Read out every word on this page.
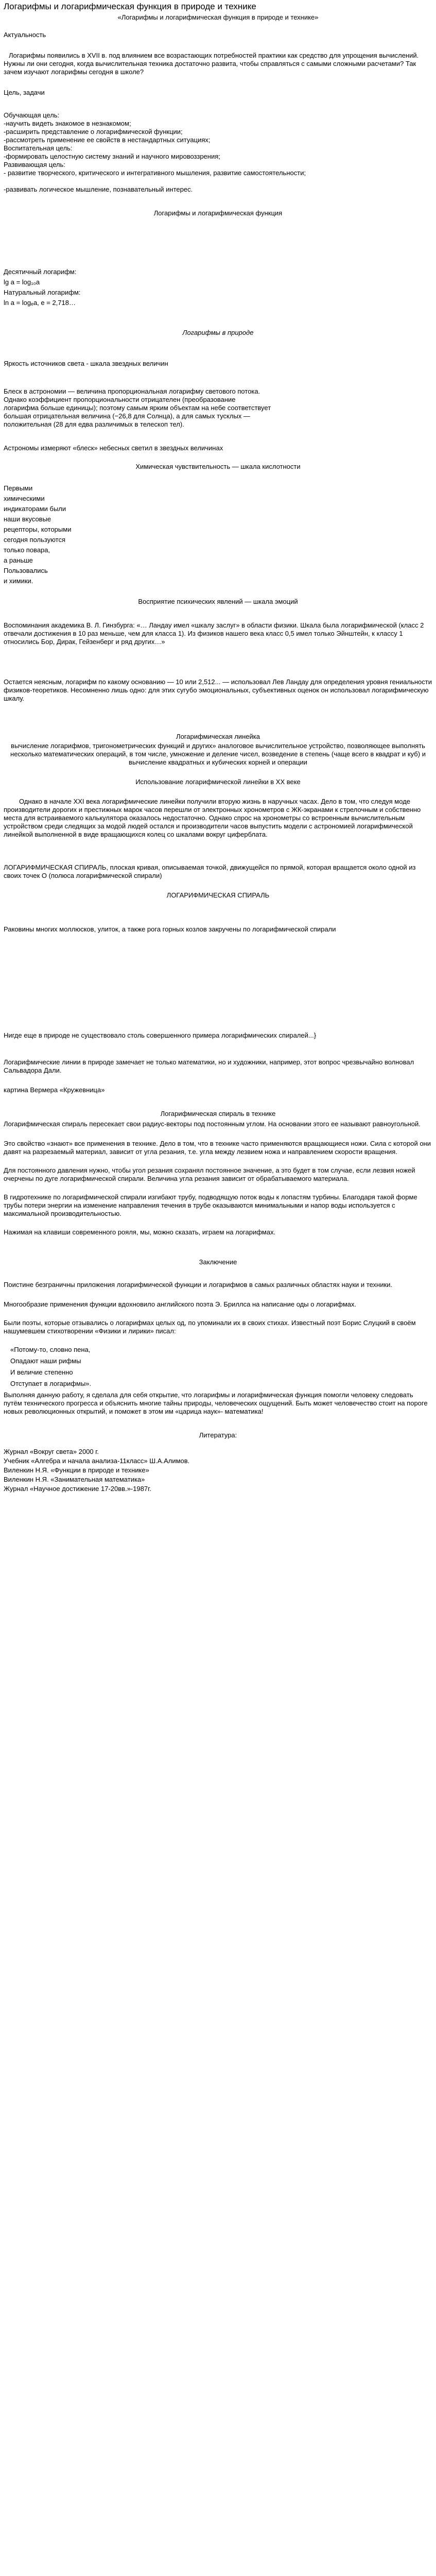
Логарифмы и логарифмическая функция в природе и технике
«Логарифмы и логарифмическая функция в природе и технике»
Актуальность
Логарифмы появились в XVII в. под влиянием все возрастающих потребностей практики как средство для упрощения вычислений. Нужны ли они сегодня, когда вычислительная техника достаточно развита, чтобы справляться с самыми сложными расчетами? Так зачем изучают логарифмы сегодня в школе?
Цель, задачи
Обучающая цель:
-научить видеть знакомое в незнакомом;
-расширить представление о логарифмической функции;
-рассмотреть применение ее свойств в нестандартных ситуациях;
Воспитательная цель:
-формировать целостную систему знаний и научного мировоззрения;
Развивающая цель:
- развитие творческого, критического и интегративного мышления, развитие самостоятельности;
-развивать логическое мышление, познавательный интерес.
Логарифмы и логарифмическая функция
Десятичный логарифм:
lg a = log₁₀a
Натуральный логарифм:
ln a = logₑa, e = 2,718…
Логарифмы в природе
Яркость источников света - шкала звездных величин
Блеск в астрономии — величина пропорциональная логарифму светового потока. Однако коэффициент пропорциональности отрицателен (преобразование логарифма больше единицы); поэтому самым ярким объектам на небе соответствует большая отрицательная величина (−26,8 для Солнца), а для самых тусклых — положительная (28 для едва различимых в телескоп тел).
Астрономы измеряют «блеск» небесных светил в звездных величинах
Химическая чувствительность — шкала кислотности
Первыми
химическими
индикаторами были
наши вкусовые
рецепторы, которыми
сегодня пользуются
только повара,
а раньше
Пользовались
и химики.
Восприятие психических явлений — шкала эмоций
Воспоминания академика В. Л. Гинзбурга: «… Ландау имел «шкалу заслуг» в области физики. Шкала была логарифмической (класс 2 отвечали достижения в 10 раз меньше, чем для класса 1). Из физиков нашего века класс 0,5 имел только Эйнштейн, к классу 1 относились Бор, Дирак, Гейзенберг и ряд других…»
Остается неясным, логарифм по какому основанию — 10 или 2,512... — использовал Лев Ландау для определения уровня гениальности физиков-теоретиков. Несомненно лишь одно: для этих сугубо эмоциональных, субъективных оценок он использовал логарифмическую шкалу.
Логарифмическая линейка
вычисление логарифмов, тригонометрических функций и других» аналоговое вычислительное устройство, позволяющее выполнять несколько математических операций, в том числе, умножение и деление чисел, возведение в степень (чаще всего в квадрат и куб) и вычисление квадратных и кубических корней и операции
Использование логарифмической линейки в XX веке
Однако в начале XXI века логарифмические линейки получили вторую жизнь в наручных часах. Дело в том, что следуя моде производители дорогих и престижных марок часов перешли от электронных хронометров с ЖК-экранами к стрелочным и собственно места для встраиваемого калькулятора оказалось недостаточно. Однако спрос на хронометры со встроенным вычислительным устройством среди следящих за модой людей остался и производители часов выпустить модели с астрономией логарифмической линейкой выполненной в виде вращающихся колец со шкалами вокруг циферблата.
ЛОГАРИФМИЧЕСКАЯ СПИРАЛЬ, плоская кривая, описываемая точкой, движущейся по прямой, которая вращается около одной из своих точек О (полюса логарифмической спирали)
ЛОГАРИФМИЧЕСКАЯ СПИРАЛЬ
Раковины многих моллюсков, улиток, а также рога горных козлов закручены по логарифмической спирали
Нигде еще в природе не существовало столь совершенного примера логарифмических спиралей...}
Логарифмические линии в природе замечает не только математики, но и художники, например, этот вопрос чрезвычайно волновал Сальвадора Дали.
картина Вермера «Кружевница»
Логарифмическая спираль в технике
Логарифмическая спираль пересекает свои радиус-векторы под постоянным углом. На основании этого ее называют равноугольной.
Это свойство «знают» все применения в технике. Дело в том, что в технике часто применяются вращающиеся ножи. Сила с которой они давят на разрезаемый материал, зависит от угла резания, т.е. угла между лезвием ножа и направлением скорости вращения.
Для постоянного давления нужно, чтобы угол резания сохранял постоянное значение, а это будет в том случае, если лезвия ножей очерчены по дуге логарифмической спирали. Величина угла резания зависит от обрабатываемого материала.
В гидротехнике по логарифмической спирали изгибают трубу, подводящую поток воды к лопастям турбины. Благодаря такой форме трубы потери энергии на изменение направления течения в трубе оказываются минимальными и напор воды используется с максимальной производительностью.
Нажимая на клавиши современного рояля, мы, можно сказать, играем на логарифмах.
Заключение
Поистине безграничны приложения логарифмической функции и логарифмов в самых различных областях науки и техники.
Многообразие применения функции вдохновило английского поэта Э. Бриллса на написание оды о логарифмах.
Были поэты, которые отзывались о логарифмах целых од, по упоминали их в своих стихах. Известный поэт Борис Слуцкий в своём нашумевшем стихотворении «Физики и лирики» писал:
«Потому-то, словно пена,
Опадают наши рифмы
И величие степенно
Отступает в логарифмы».
Выполняя данную работу, я сделала для себя открытие, что логарифмы и логарифмическая функция помогли человеку следовать путём технического прогресса и объяснить многие тайны природы, человеческих ощущений. Быть может человечество стоит на пороге новых революционных открытий, и поможет в этом им «царица наук»- математика!
Литература:
Журнал «Вокруг света» 2000 г.
Учебник «Алгебра и начала анализа-11класс» Ш.А.Алимов.
Виленкин Н.Я. «Функции в природе и технике»
Виленкин Н.Я. «Занимательная математика»
Журнал «Научное достижение 17-20вв.»-1987г.
